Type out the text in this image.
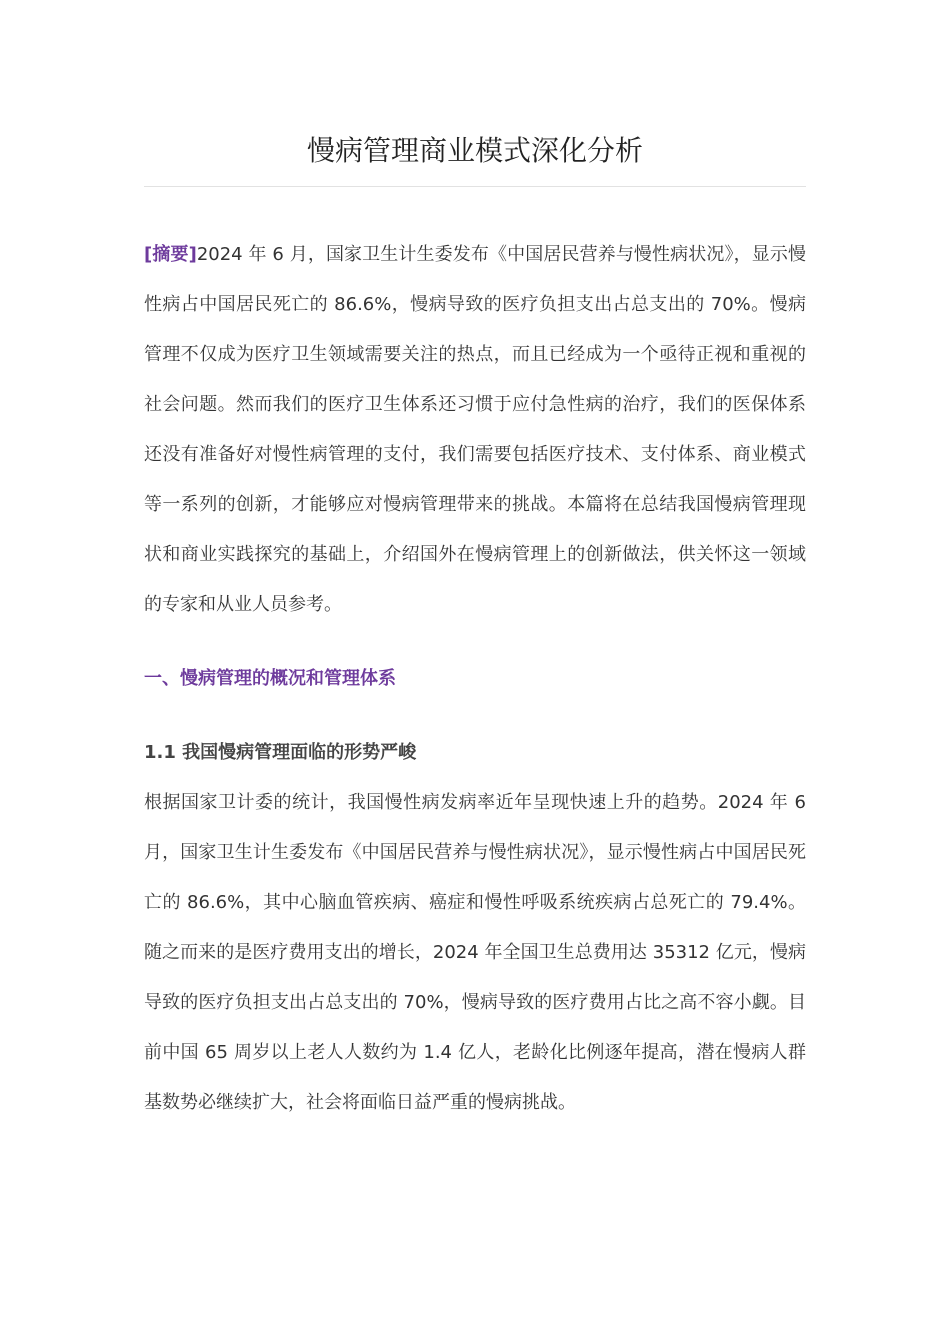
慢病管理商业模式深化分析

[摘要]2024 年 6 月，国家卫生计生委发布《中国居民营养与慢性病状况》，显示慢性病占中国居民死亡的 86.6%，慢病导致的医疗负担支出占总支出的 70%。慢病管理不仅成为医疗卫生领域需要关注的热点，而且已经成为一个亟待正视和重视的社会问题。然而我们的医疗卫生体系还习惯于应付急性病的治疗，我们的医保体系还没有准备好对慢性病管理的支付，我们需要包括医疗技术、支付体系、商业模式等一系列的创新，才能够应对慢病管理带来的挑战。本篇将在总结我国慢病管理现状和商业实践探究的基础上，介绍国外在慢病管理上的创新做法，供关怀这一领域的专家和从业人员参考。

一、慢病管理的概况和管理体系
1.1 我国慢病管理面临的形势严峻

根据国家卫计委的统计，我国慢性病发病率近年呈现快速上升的趋势。2024 年 6 月，国家卫生计生委发布《中国居民营养与慢性病状况》，显示慢性病占中国居民死亡的 86.6%，其中心脑血管疾病、癌症和慢性呼吸系统疾病占总死亡的 79.4%。随之而来的是医疗费用支出的增长，2024 年全国卫生总费用达 35312 亿元，慢病导致的医疗负担支出占总支出的 70%，慢病导致的医疗费用占比之高不容小觑。目前中国 65 周岁以上老人人数约为 1.4 亿人，老龄化比例逐年提高，潜在慢病人群基数势必继续扩大，社会将面临日益严重的慢病挑战。
